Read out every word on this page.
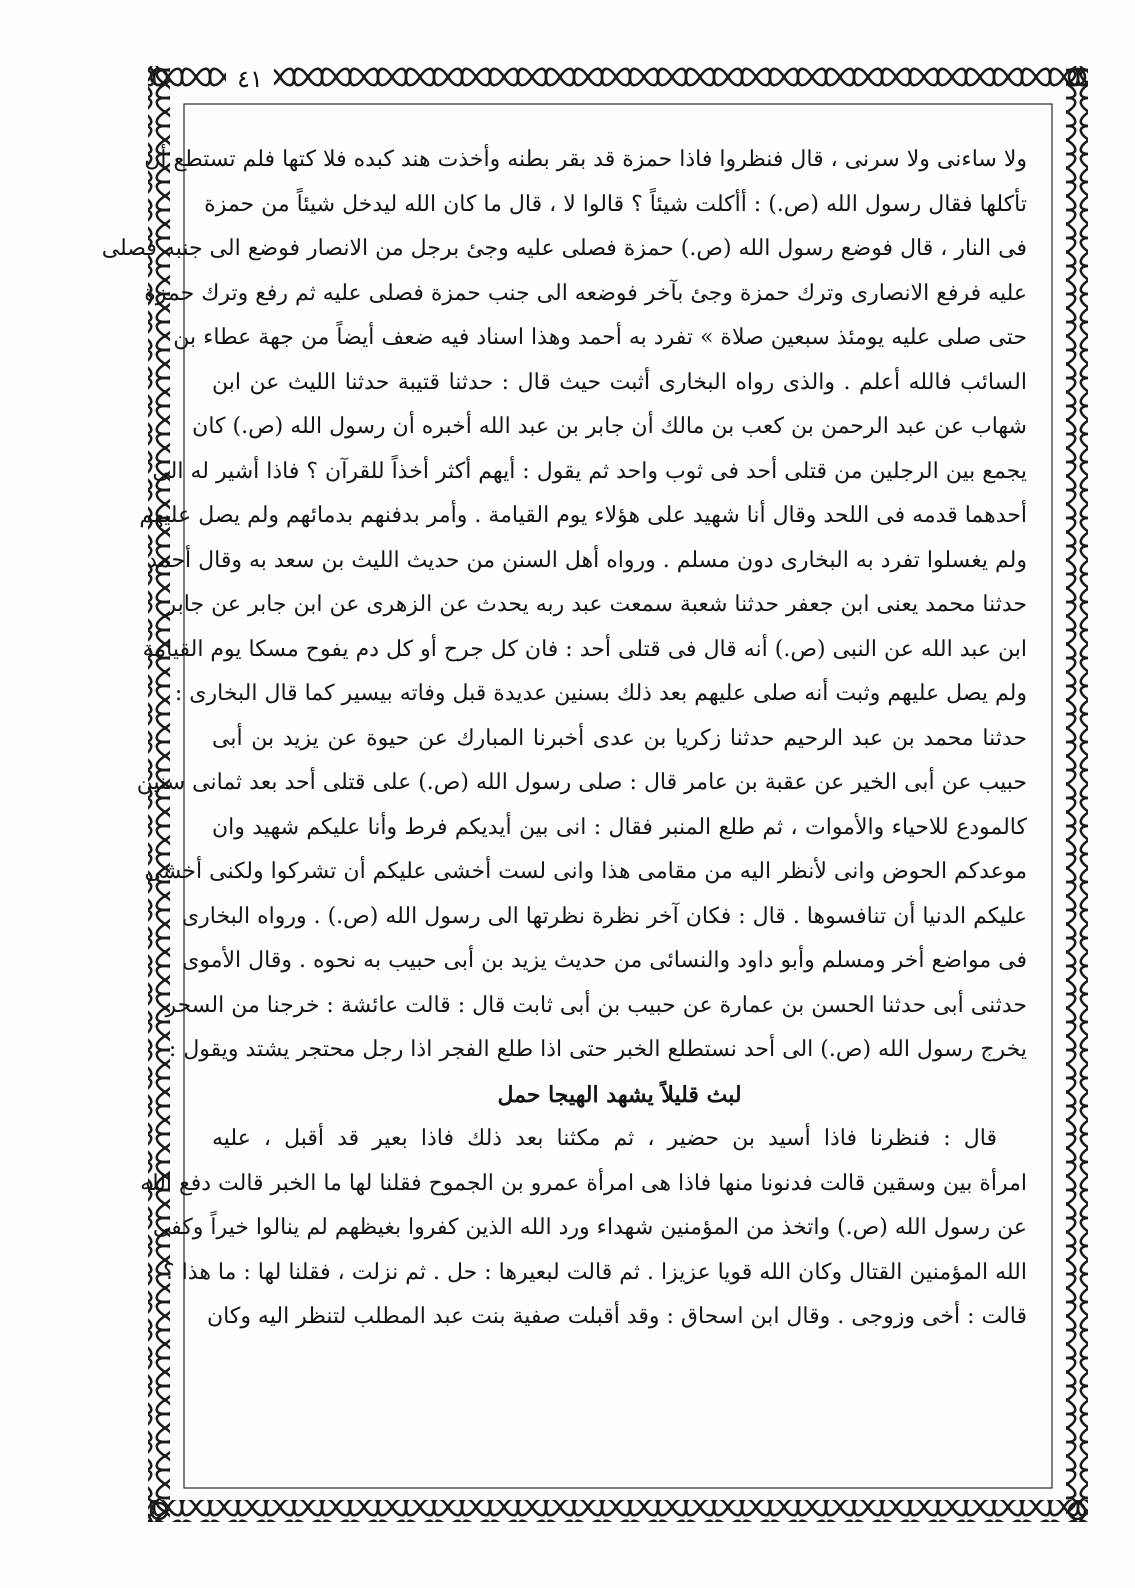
٤١
ولا ساءنى ولا سرنى ، قال فنظروا فاذا حمزة قد بقر بطنه وأخذت هند كبده فلا كتها فلم تستطع أن
تأكلها فقال رسول الله (ص.) : أأكلت شيئاً ؟ قالوا لا ، قال ما كان الله ليدخل شيئاً من حمزة
فى النار ، قال فوضع رسول الله (ص.) حمزة فصلى عليه وجئ برجل من الانصار فوضع الى جنبه فصلى
عليه فرفع الانصارى وترك حمزة وجئ بآخر فوضعه الى جنب حمزة فصلى عليه ثم رفع وترك حمزة
حتى صلى عليه يومئذ سبعين صلاة » تفرد به أحمد وهذا اسناد فيه ضعف أيضاً من جهة عطاء بن
السائب فالله أعلم . والذى رواه البخارى أثبت حيث قال : حدثنا قتيبة حدثنا الليث عن ابن
شهاب عن عبد الرحمن بن كعب بن مالك أن جابر بن عبد الله أخبره أن رسول الله (ص.) كان
يجمع بين الرجلين من قتلى أحد فى ثوب واحد ثم يقول : أيهم أكثر أخذاً للقرآن ؟ فاذا أشير له الى
أحدهما قدمه فى اللحد وقال أنا شهيد على هؤلاء يوم القيامة . وأمر بدفنهم بدمائهم ولم يصل عليهم
ولم يغسلوا تفرد به البخارى دون مسلم . ورواه أهل السنن من حديث الليث بن سعد به وقال أحمد
حدثنا محمد يعنى ابن جعفر حدثنا شعبة سمعت عبد ربه يحدث عن الزهرى عن ابن جابر عن جابر
ابن عبد الله عن النبى (ص.) أنه قال فى قتلى أحد : فان كل جرح أو كل دم يفوح مسكا يوم القيامة
ولم يصل عليهم وثبت أنه صلى عليهم بعد ذلك بسنين عديدة قبل وفاته بيسير كما قال البخارى :
حدثنا محمد بن عبد الرحيم حدثنا زكريا بن عدى أخبرنا المبارك عن حيوة عن يزيد بن أبى
حبيب عن أبى الخير عن عقبة بن عامر قال : صلى رسول الله (ص.) على قتلى أحد بعد ثمانى سنين
كالمودع للاحياء والأموات ، ثم طلع المنبر فقال : انى بين أيديكم فرط وأنا عليكم شهيد وان
موعدكم الحوض وانى لأنظر اليه من مقامى هذا وانى لست أخشى عليكم أن تشركوا ولكنى أخشى
عليكم الدنيا أن تنافسوها . قال : فكان آخر نظرة نظرتها الى رسول الله (ص.) . ورواه البخارى
فى مواضع أخر ومسلم وأبو داود والنسائى من حديث يزيد بن أبى حبيب به نحوه . وقال الأموى
حدثنى أبى حدثنا الحسن بن عمارة عن حبيب بن أبى ثابت قال : قالت عائشة : خرجنا من السحر
يخرج رسول الله (ص.) الى أحد نستطلع الخبر حتى اذا طلع الفجر اذا رجل محتجر يشتد ويقول :
لبث قليلاً يشهد الهيجا حمل
قال : فنظرنا فاذا أسيد بن حضير ، ثم مكثنا بعد ذلك فاذا بعير قد أقبل ، عليه
امرأة بين وسقين قالت فدنونا منها فاذا هى امرأة عمرو بن الجموح فقلنا لها ما الخبر قالت دفع الله
عن رسول الله (ص.) واتخذ من المؤمنين شهداء ورد الله الذين كفروا بغيظهم لم ينالوا خيراً وكفى
الله المؤمنين القتال وكان الله قويا عزيزا . ثم قالت لبعيرها : حل . ثم نزلت ، فقلنا لها : ما هذا ؟
قالت : أخى وزوجى . وقال ابن اسحاق : وقد أقبلت صفية بنت عبد المطلب لتنظر اليه وكان
